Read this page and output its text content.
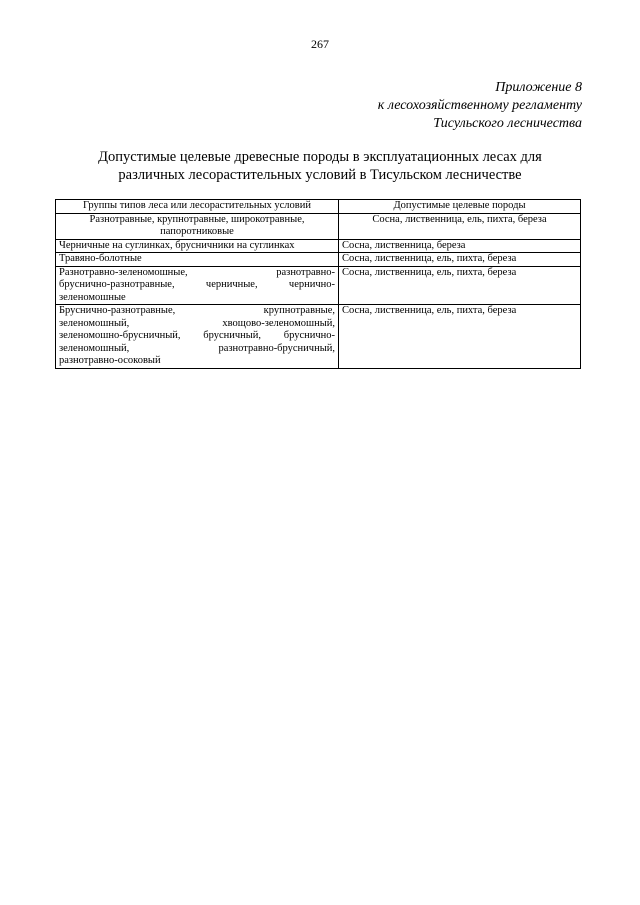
267
Приложение 8
к лесохозяйственному регламенту
Тисульского лесничества
Допустимые целевые древесные породы в эксплуатационных лесах для
различных лесорастительных условий в Тисульском лесничестве
Группы типов леса или лесорастительных условий	Допустимые целевые породы
Разнотравные, крупнотравные, широкотравные,
папоротниковые	Сосна, лиственница, ель, пихта, береза
Черничные на суглинках, брусничники на суглинках	Сосна, лиственница, береза
Травяно-болотные	Сосна, лиственница, ель, пихта, береза

Разнотравно-зеленомошные, разнотравно-
бруснично-разнотравные, черничные, чернично-
зеленомошные	Сосна, лиственница, ель, пихта, береза

Бруснично-разнотравные, крупнотравные,
зеленомошный, хвощово-зеленомошный,
зеленомошно-брусничный, брусничный, бруснично-
зеленомошный, разнотравно-брусничный,
разнотравно-осоковый	Сосна, лиственница, ель, пихта, береза
